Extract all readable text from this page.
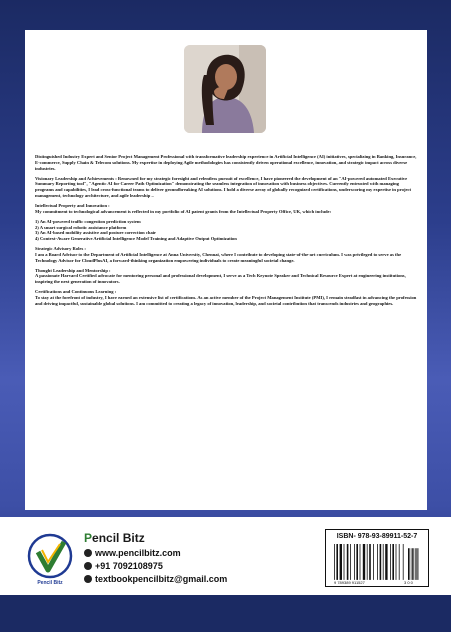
Distinguished Industry Expert and Senior Project Management Professional with transformative leadership experience in Artificial Intelligence (AI) initiatives, specializing in Banking, Insurance, E-commerce, Supply Chain & Telecom solutions. My expertise in deploying Agile methodologies has consistently driven operational excellence, innovation, and strategic impact across diverse industries.

Visionary Leadership and Achievements : Renowned for my strategic foresight and relentless pursuit of excellence, I have pioneered the development of an "AI-powered automated Executive Summary Reporting tool", "Agentic AI for Career Path Optimization" demonstrating the seamless integration of innovation with business objectives. Currently entrusted with managing programs and capabilities, I lead cross-functional teams to deliver groundbreaking AI solutions. I hold a diverse array of globally recognized certifications, underscoring my expertise in project management, technology architecture, and agile leadership –

Intellectual Property and Innovation :

My commitment to technological advancement is reflected in my portfolio of AI patent grants from the Intellectual Property Office, UK, which include:

1) An AI-powered traffic congestion prediction system
2) A smart surgical robotic assistance platform
3) An AI-based mobility assistive and posture correction chair
4) Context-Aware Generative Artificial Intelligence Model Training and Adaptive Output Optimization

Strategic Advisory Roles :

I am a Board Advisor to the Department of Artificial Intelligence at Anna University, Chennai, where I contribute to developing state-of-the-art curriculum. I was privileged to serve as the Technology Advisor for CloudPlusAI, a forward-thinking organization empowering individuals to create meaningful societal change.

Thought Leadership and Mentorship :

A passionate Harvard Certified advocate for mentoring personal and professional development, I serve as a Tech Keynote Speaker and Technical Resource Expert at engineering institutions, inspiring the next generation of innovators.

Certifications and Continuous Learning :

To stay at the forefront of industry, I have earned an extensive list of certifications. As an active member of the Project Management Institute (PMI), I remain steadfast in advancing the profession and driving impactful, sustainable global solutions. I am committed to creating a legacy of innovation, leadership, and societal contribution that transcends industries and geographies.

Pencil Bitz
Pencil Bitz
www.pencilbitz.com
+91 7092108975
textbookpencilbitz@gmail.com
ISBN- 978-93-89911-52-7
9 789389 911527	3 0 0
